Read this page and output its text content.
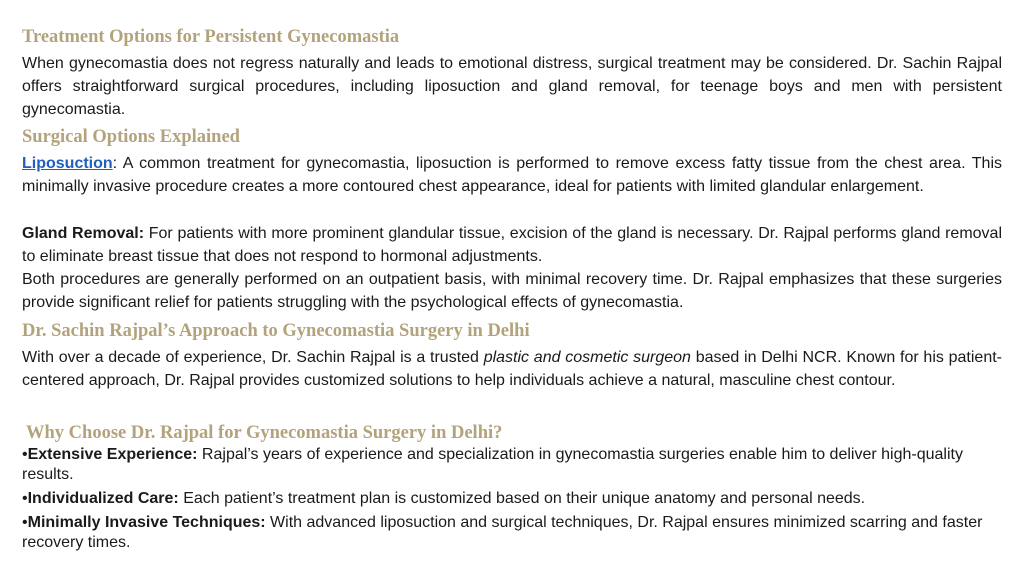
Treatment Options for Persistent Gynecomastia
When gynecomastia does not regress naturally and leads to emotional distress, surgical treatment may be considered. Dr. Sachin Rajpal offers straightforward surgical procedures, including liposuction and gland removal, for teenage boys and men with persistent gynecomastia.
Surgical Options Explained
Liposuction: A common treatment for gynecomastia, liposuction is performed to remove excess fatty tissue from the chest area. This minimally invasive procedure creates a more contoured chest appearance, ideal for patients with limited glandular enlargement.
Gland Removal: For patients with more prominent glandular tissue, excision of the gland is necessary. Dr. Rajpal performs gland removal to eliminate breast tissue that does not respond to hormonal adjustments.
Both procedures are generally performed on an outpatient basis, with minimal recovery time. Dr. Rajpal emphasizes that these surgeries provide significant relief for patients struggling with the psychological effects of gynecomastia.
Dr. Sachin Rajpal’s Approach to Gynecomastia Surgery in Delhi
With over a decade of experience, Dr. Sachin Rajpal is a trusted plastic and cosmetic surgeon based in Delhi NCR. Known for his patient-centered approach, Dr. Rajpal provides customized solutions to help individuals achieve a natural, masculine chest contour.
Why Choose Dr. Rajpal for Gynecomastia Surgery in Delhi?
•Extensive Experience: Rajpal’s years of experience and specialization in gynecomastia surgeries enable him to deliver high-quality results.
•Individualized Care: Each patient’s treatment plan is customized based on their unique anatomy and personal needs.
•Minimally Invasive Techniques: With advanced liposuction and surgical techniques, Dr. Rajpal ensures minimized scarring and faster recovery times.
